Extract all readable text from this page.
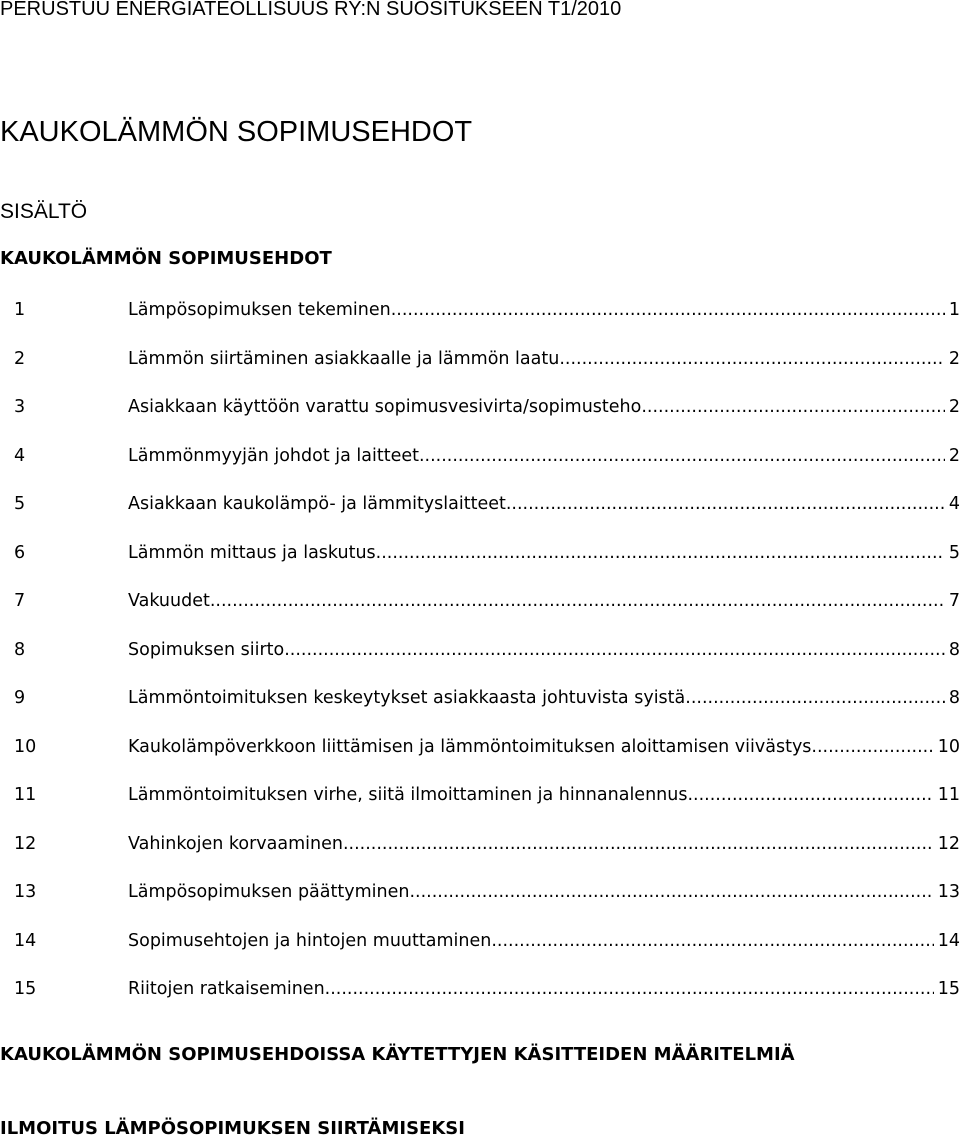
PERUSTUU ENERGIATEOLLISUUS RY:N SUOSITUKSEEN T1/2010
KAUKOLÄMMÖN SOPIMUSEHDOT
SISÄLTÖ
KAUKOLÄMMÖN SOPIMUSEHDOT
1	Lämpösopimuksen tekeminen .....	1
2	Lämmön siirtäminen asiakkaalle ja lämmön laatu .....	2
3	Asiakkaan käyttöön varattu sopimusvesivirta/sopimusteho .....	2
4	Lämmönmyyjän johdot ja laitteet .....	2
5	Asiakkaan kaukolämpö- ja lämmityslaitteet .....	4
6	Lämmön mittaus ja laskutus .....	5
7	Vakuudet .....	7
8	Sopimuksen siirto .....	8
9	Lämmöntoimituksen keskeytykset asiakkaasta johtuvista syistä .....	8
10	Kaukolämpöverkkoon liittämisen ja lämmöntoimituksen aloittamisen viivästys .....	10
11	Lämmöntoimituksen virhe, siitä ilmoittaminen ja hinnanalennus .....	11
12	Vahinkojen korvaaminen .....	12
13	Lämpösopimuksen päättyminen .....	13
14	Sopimusehtojen ja hintojen muuttaminen .....	14
15	Riitojen ratkaiseminen .....	15
KAUKOLÄMMÖN SOPIMUSEHDOISSA KÄYTETTYJEN KÄSITTEIDEN MÄÄRITELMIÄ
ILMOITUS LÄMPÖSOPIMUKSEN SIIRTÄMISEKSI
